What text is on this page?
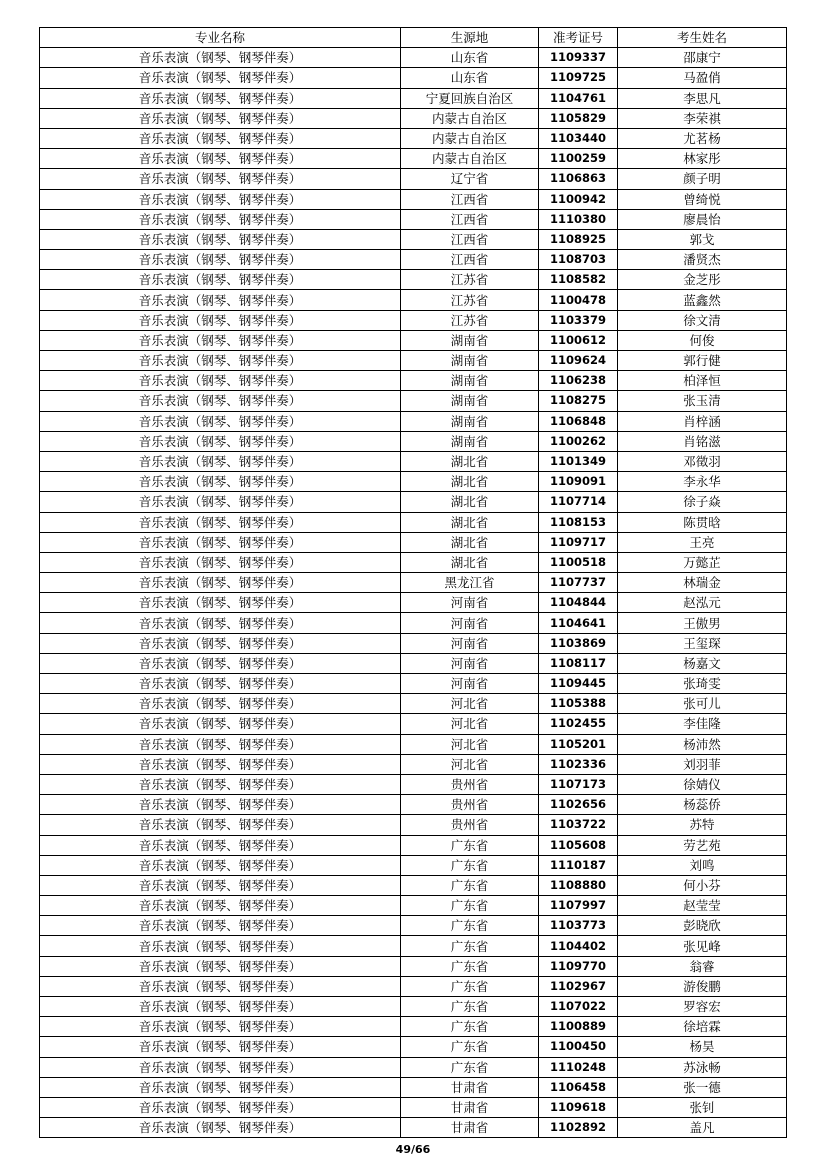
专业名称	生源地	准考证号	考生姓名
音乐表演（钢琴、钢琴伴奏）	山东省	1109337	邵康宁
音乐表演（钢琴、钢琴伴奏）	山东省	1109725	马盈俏
音乐表演（钢琴、钢琴伴奏）	宁夏回族自治区	1104761	李思凡
音乐表演（钢琴、钢琴伴奏）	内蒙古自治区	1105829	李荣祺
音乐表演（钢琴、钢琴伴奏）	内蒙古自治区	1103440	尤茗杨
音乐表演（钢琴、钢琴伴奏）	内蒙古自治区	1100259	林家彤
音乐表演（钢琴、钢琴伴奏）	辽宁省	1106863	颜子明
音乐表演（钢琴、钢琴伴奏）	江西省	1100942	曾绮悦
音乐表演（钢琴、钢琴伴奏）	江西省	1110380	廖晨怡
音乐表演（钢琴、钢琴伴奏）	江西省	1108925	郭戈
音乐表演（钢琴、钢琴伴奏）	江西省	1108703	潘贤杰
音乐表演（钢琴、钢琴伴奏）	江苏省	1108582	金芝彤
音乐表演（钢琴、钢琴伴奏）	江苏省	1100478	蓝鑫然
音乐表演（钢琴、钢琴伴奏）	江苏省	1103379	徐文清
音乐表演（钢琴、钢琴伴奏）	湖南省	1100612	何俊
音乐表演（钢琴、钢琴伴奏）	湖南省	1109624	郭行健
音乐表演（钢琴、钢琴伴奏）	湖南省	1106238	柏泽恒
音乐表演（钢琴、钢琴伴奏）	湖南省	1108275	张玉清
音乐表演（钢琴、钢琴伴奏）	湖南省	1106848	肖梓涵
音乐表演（钢琴、钢琴伴奏）	湖南省	1100262	肖铭滋
音乐表演（钢琴、钢琴伴奏）	湖北省	1101349	邓徵羽
音乐表演（钢琴、钢琴伴奏）	湖北省	1109091	李永华
音乐表演（钢琴、钢琴伴奏）	湖北省	1107714	徐子焱
音乐表演（钢琴、钢琴伴奏）	湖北省	1108153	陈贯晗
音乐表演（钢琴、钢琴伴奏）	湖北省	1109717	王亮
音乐表演（钢琴、钢琴伴奏）	湖北省	1100518	万懿芷
音乐表演（钢琴、钢琴伴奏）	黑龙江省	1107737	林瑞金
音乐表演（钢琴、钢琴伴奏）	河南省	1104844	赵泓元
音乐表演（钢琴、钢琴伴奏）	河南省	1104641	王傲男
音乐表演（钢琴、钢琴伴奏）	河南省	1103869	王玺琛
音乐表演（钢琴、钢琴伴奏）	河南省	1108117	杨嘉文
音乐表演（钢琴、钢琴伴奏）	河南省	1109445	张琦雯
音乐表演（钢琴、钢琴伴奏）	河北省	1105388	张可儿
音乐表演（钢琴、钢琴伴奏）	河北省	1102455	李佳隆
音乐表演（钢琴、钢琴伴奏）	河北省	1105201	杨沛然
音乐表演（钢琴、钢琴伴奏）	河北省	1102336	刘羽菲
音乐表演（钢琴、钢琴伴奏）	贵州省	1107173	徐婧仪
音乐表演（钢琴、钢琴伴奏）	贵州省	1102656	杨蕊侨
音乐表演（钢琴、钢琴伴奏）	贵州省	1103722	苏特
音乐表演（钢琴、钢琴伴奏）	广东省	1105608	劳艺苑
音乐表演（钢琴、钢琴伴奏）	广东省	1110187	刘鸣
音乐表演（钢琴、钢琴伴奏）	广东省	1108880	何小芬
音乐表演（钢琴、钢琴伴奏）	广东省	1107997	赵莹莹
音乐表演（钢琴、钢琴伴奏）	广东省	1103773	彭晓欣
音乐表演（钢琴、钢琴伴奏）	广东省	1104402	张见峰
音乐表演（钢琴、钢琴伴奏）	广东省	1109770	翁睿
音乐表演（钢琴、钢琴伴奏）	广东省	1102967	游俊鹏
音乐表演（钢琴、钢琴伴奏）	广东省	1107022	罗容宏
音乐表演（钢琴、钢琴伴奏）	广东省	1100889	徐培霖
音乐表演（钢琴、钢琴伴奏）	广东省	1100450	杨昊
音乐表演（钢琴、钢琴伴奏）	广东省	1110248	苏泳畅
音乐表演（钢琴、钢琴伴奏）	甘肃省	1106458	张一德
音乐表演（钢琴、钢琴伴奏）	甘肃省	1109618	张钊
音乐表演（钢琴、钢琴伴奏）	甘肃省	1102892	盖凡
49/66
